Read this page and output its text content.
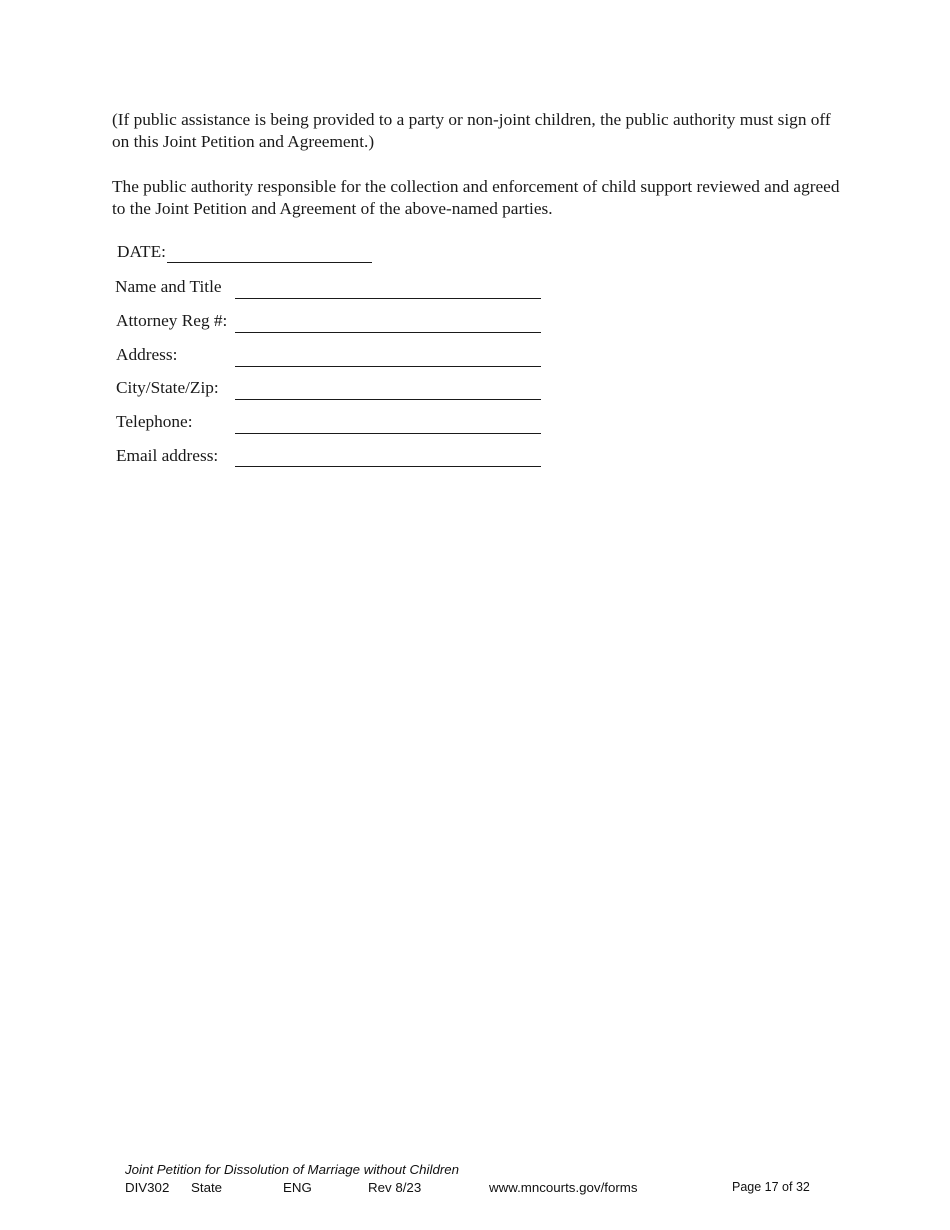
(If public assistance is being provided to a party or non-joint children, the public authority must sign off on this Joint Petition and Agreement.)

The public authority responsible for the collection and enforcement of child support reviewed and agreed to the Joint Petition and Agreement of the above-named parties.

DATE:
Name and Title
Attorney Reg #:
Address:
City/State/Zip:
Telephone:
Email address:
Joint Petition for Dissolution of Marriage without Children
DIV302 State	ENG	Rev 8/23	www.mncourts.gov/forms	Page 17 of 32
